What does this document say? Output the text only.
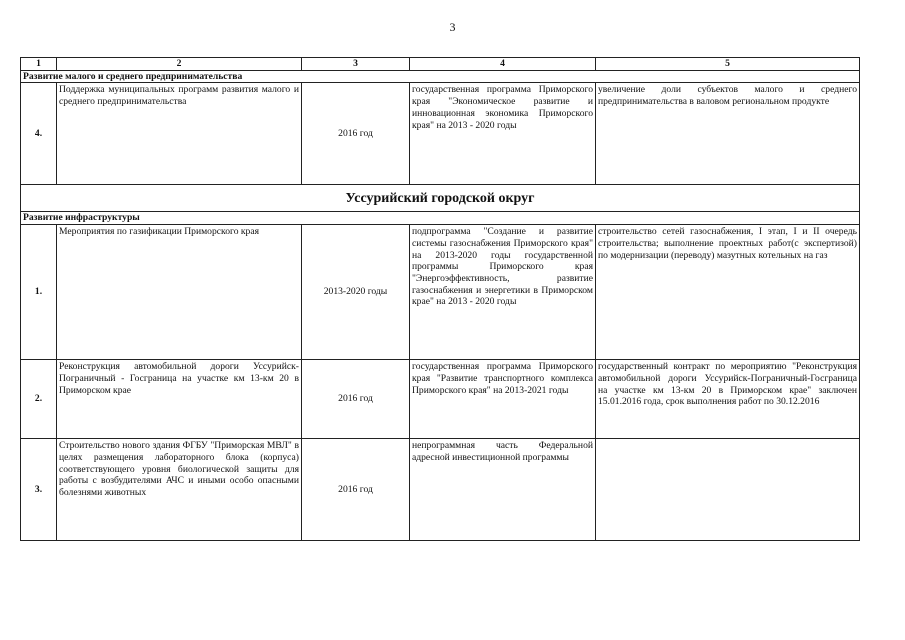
3
1	2	3	4	5
Развитие малого и среднего предпринимательства				
4.	Поддержка муниципальных программ развития малого и среднего предпринимательства	2016 год	государственная программа Приморского края "Экономическое развитие и инновационная экономика Приморского края" на 2013 - 2020 годы	увеличение доли субъектов малого и среднего предпринимательства в валовом региональном продукте
Уссурийский городской округ				
Развитие инфраструктуры				
1.	Мероприятия по газификации Приморского края	2013-2020 годы	подпрограмма "Создание и развитие системы газоснабжения Приморского края" на 2013-2020 годы государственной программы Приморского края "Энергоэффективность, развитие газоснабжения и энергетики в Приморском крае" на 2013 - 2020 годы	строительство сетей газоснабжения, I этап, I и II очередь строительства; выполнение проектных работ(с экспертизой) по модернизации (переводу) мазутных котельных на газ
2.	Реконструкция автомобильной дороги Уссурийск-Пограничный - Госграница на участке км 13-км 20 в Приморском крае	2016 год	государственная программа Приморского края "Развитие транспортного комплекса Приморского края" на 2013-2021 годы	государственный контракт по мероприятию "Реконструкция автомобильной дороги Уссурийск-Пограничный-Госграница на участке км 13-км 20 в Приморском крае" заключен 15.01.2016 года, срок выполнения работ по 30.12.2016
3.	Строительство нового здания ФГБУ "Приморская МВЛ" в целях размещения лабораторного блока (корпуса) соответствующего уровня биологической защиты для работы с возбудителями АЧС и иными особо опасными болезнями животных	2016 год	непрограммная часть Федеральной адресной инвестиционной программы	
